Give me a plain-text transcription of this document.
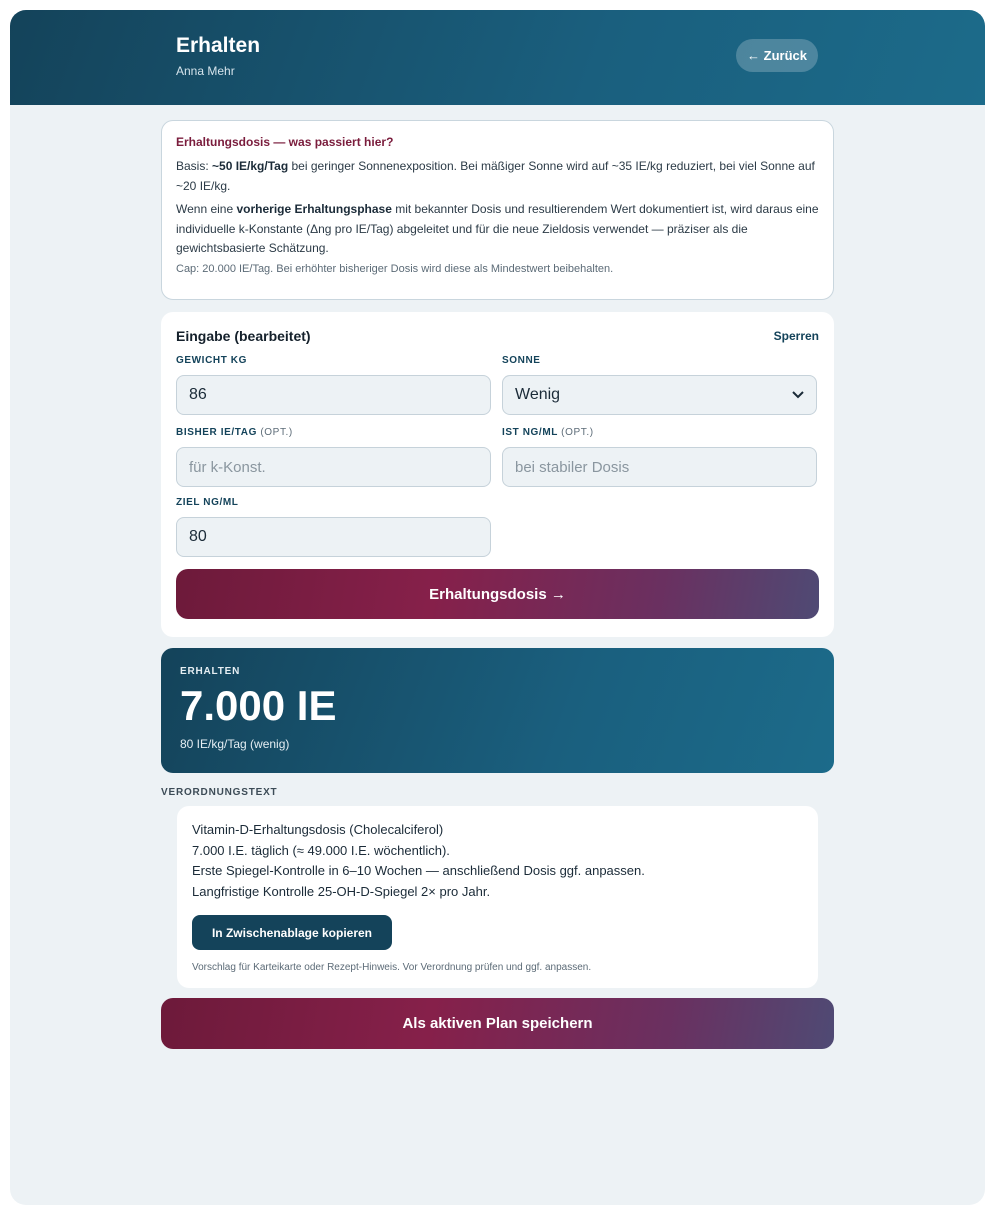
Erhalten
Anna Mehr
← Zurück
Erhaltungsdosis — was passiert hier?
Basis: ~50 IE/kg/Tag bei geringer Sonnenexposition. Bei mäßiger Sonne wird auf ~35 IE/kg reduziert, bei viel Sonne auf ~20 IE/kg.
Wenn eine vorherige Erhaltungsphase mit bekannter Dosis und resultierendem Wert dokumentiert ist, wird daraus eine individuelle k-Konstante (Δng pro IE/Tag) abgeleitet und für die neue Zieldosis verwendet — präziser als die gewichtsbasierte Schätzung.
Cap: 20.000 IE/Tag. Bei erhöhter bisheriger Dosis wird diese als Mindestwert beibehalten.
Eingabe (bearbeitet)	Sperren
GEWICHT KG
86
SONNE
Wenig
BISHER IE/TAG (OPT.)
für k-Konst.
IST NG/ML (OPT.)
bei stabiler Dosis
ZIEL NG/ML
80
Erhaltungsdosis →
ERHALTEN
7.000 IE
80 IE/kg/Tag (wenig)
VERORDNUNGSTEXT
Vitamin-D-Erhaltungsdosis (Cholecalciferol)
7.000 I.E. täglich (≈ 49.000 I.E. wöchentlich).
Erste Spiegel-Kontrolle in 6–10 Wochen — anschließend Dosis ggf. anpassen.
Langfristige Kontrolle 25-OH-D-Spiegel 2× pro Jahr.
In Zwischenablage kopieren
Vorschlag für Karteikarte oder Rezept-Hinweis. Vor Verordnung prüfen und ggf. anpassen.
Als aktiven Plan speichern
